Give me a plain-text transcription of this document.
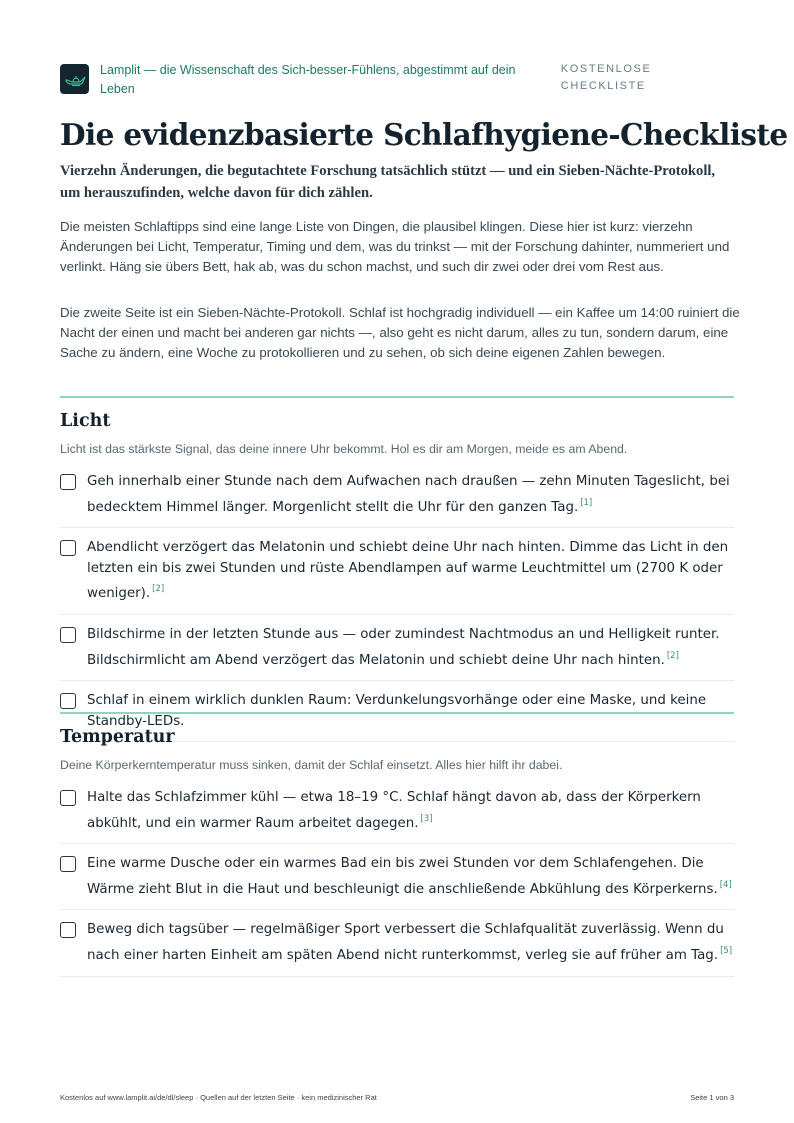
Lamplit — die Wissenschaft des Sich-besser-Fühlens, abgestimmt auf dein Leben
KOSTENLOSE CHECKLISTE
Die evidenzbasierte Schlafhygiene-Checkliste

Vierzehn Änderungen, die begutachtete Forschung tatsächlich stützt — und ein Sieben-Nächte-Protokoll, um herauszufinden, welche davon für dich zählen.

Die meisten Schlaftipps sind eine lange Liste von Dingen, die plausibel klingen. Diese hier ist kurz: vierzehn Änderungen bei Licht, Temperatur, Timing und dem, was du trinkst — mit der Forschung dahinter, nummeriert und verlinkt. Häng sie übers Bett, hak ab, was du schon machst, und such dir zwei oder drei vom Rest aus.

Die zweite Seite ist ein Sieben-Nächte-Protokoll. Schlaf ist hochgradig individuell — ein Kaffee um 14:00 ruiniert die Nacht der einen und macht bei anderen gar nichts —, also geht es nicht darum, alles zu tun, sondern darum, eine Sache zu ändern, eine Woche zu protokollieren und zu sehen, ob sich deine eigenen Zahlen bewegen.

Licht

Licht ist das stärkste Signal, das deine innere Uhr bekommt. Hol es dir am Morgen, meide es am Abend.

Geh innerhalb einer Stunde nach dem Aufwachen nach draußen — zehn Minuten Tageslicht, bei bedecktem Himmel länger. Morgenlicht stellt die Uhr für den ganzen Tag. [1]

Abendlicht verzögert das Melatonin und schiebt deine Uhr nach hinten. Dimme das Licht in den letzten ein bis zwei Stunden und rüste Abendlampen auf warme Leuchtmittel um (2700 K oder weniger). [2]

Bildschirme in der letzten Stunde aus — oder zumindest Nachtmodus an und Helligkeit runter. Bildschirmlicht am Abend verzögert das Melatonin und schiebt deine Uhr nach hinten. [2]

Schlaf in einem wirklich dunklen Raum: Verdunkelungsvorhänge oder eine Maske, und keine Standby-LEDs.

Temperatur

Deine Körperkerntemperatur muss sinken, damit der Schlaf einsetzt. Alles hier hilft ihr dabei.

Halte das Schlafzimmer kühl — etwa 18–19 °C. Schlaf hängt davon ab, dass der Körperkern abkühlt, und ein warmer Raum arbeitet dagegen. [3]

Eine warme Dusche oder ein warmes Bad ein bis zwei Stunden vor dem Schlafengehen. Die Wärme zieht Blut in die Haut und beschleunigt die anschließende Abkühlung des Körperkerns. [4]

Beweg dich tagsüber — regelmäßiger Sport verbessert die Schlafqualität zuverlässig. Wenn du nach einer harten Einheit am späten Abend nicht runterkommst, verleg sie auf früher am Tag. [5]

Kostenlos auf www.lamplit.ai/de/dl/sleep · Quellen auf der letzten Seite · kein medizinischer Rat	Seite 1 von 3
